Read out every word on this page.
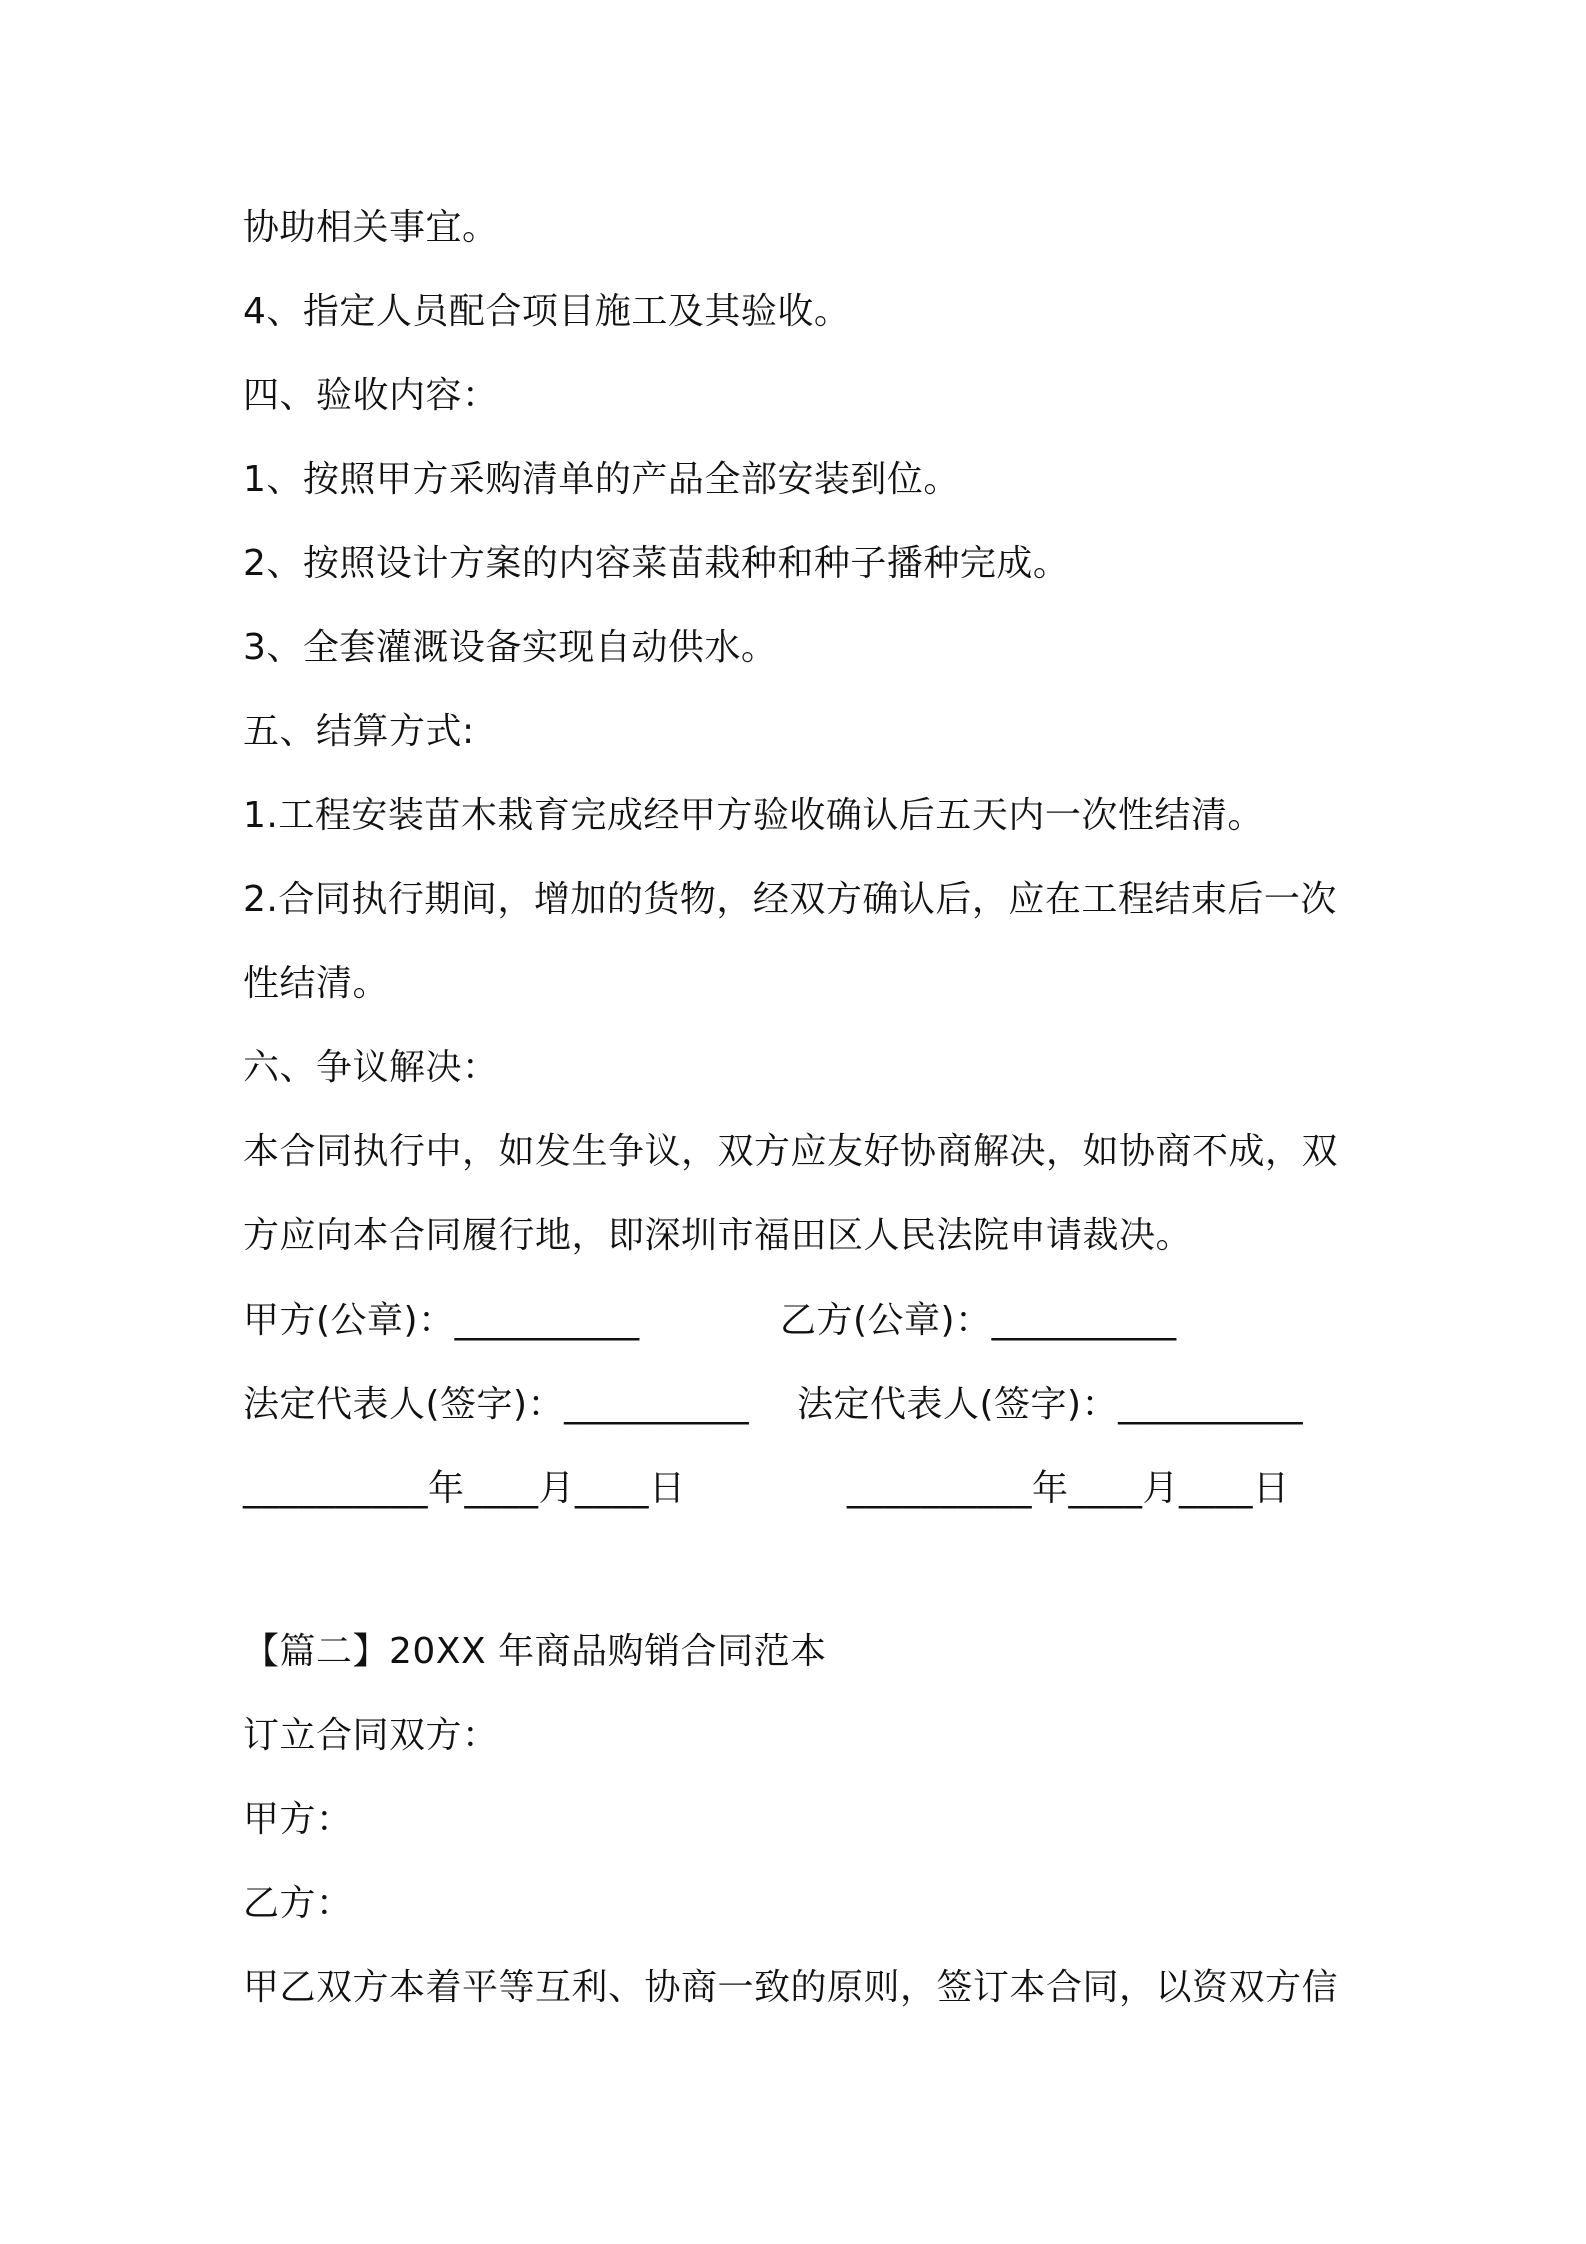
协助相关事宜。

4、指定人员配合项目施工及其验收。

四、验收内容：

1、按照甲方采购清单的产品全部安装到位。

2、按照设计方案的内容菜苗栽种和种子播种完成。

3、全套灌溉设备实现自动供水。

五、结算方式:

1.工程安装苗木栽育完成经甲方验收确认后五天内一次性结清。

2.合同执行期间，增加的货物，经双方确认后，应在工程结束后一次

性结清。

六、争议解决：

本合同执行中，如发生争议，双方应友好协商解决，如协商不成，双

方应向本合同履行地，即深圳市福田区人民法院申请裁决。

甲方(公章)：__________	乙方(公章)：__________
法定代表人(签字)：__________ 法定代表人(签字)：__________
__________年____月____日	__________年____月____日

【篇二】20XX 年商品购销合同范本

订立合同双方：

甲方：

乙方：

甲乙双方本着平等互利、协商一致的原则，签订本合同，以资双方信
